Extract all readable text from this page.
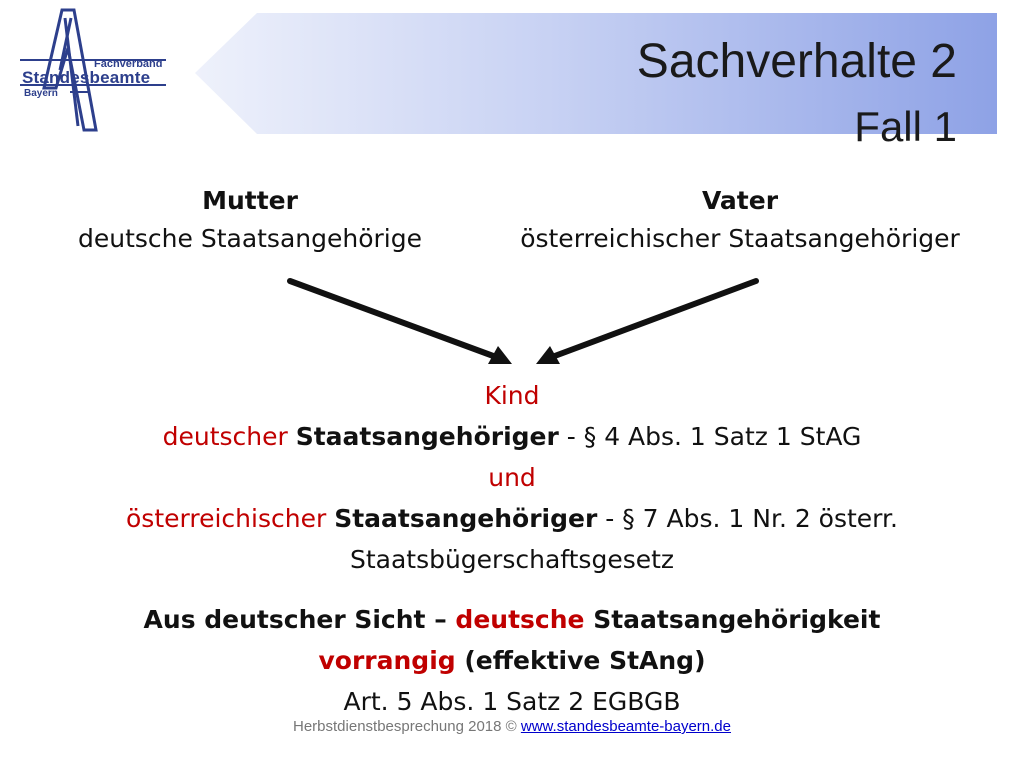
Fachverband
Standesbeamte
Bayern
Sachverhalte 2
Fall 1
Mutter
deutsche Staatsangehörige
Vater
österreichischer Staatsangehöriger
Kind
deutscher Staatsangehöriger - § 4 Abs. 1 Satz 1 StAG
und
österreichischer Staatsangehöriger - § 7 Abs. 1 Nr. 2 österr. Staatsbügerschaftsgesetz
Aus deutscher Sicht – deutsche Staatsangehörigkeit
vorrangig (effektive StAng)
Art. 5 Abs. 1 Satz 2 EGBGB
Herbstdienstbesprechung 2018 © www.standesbeamte-bayern.de
